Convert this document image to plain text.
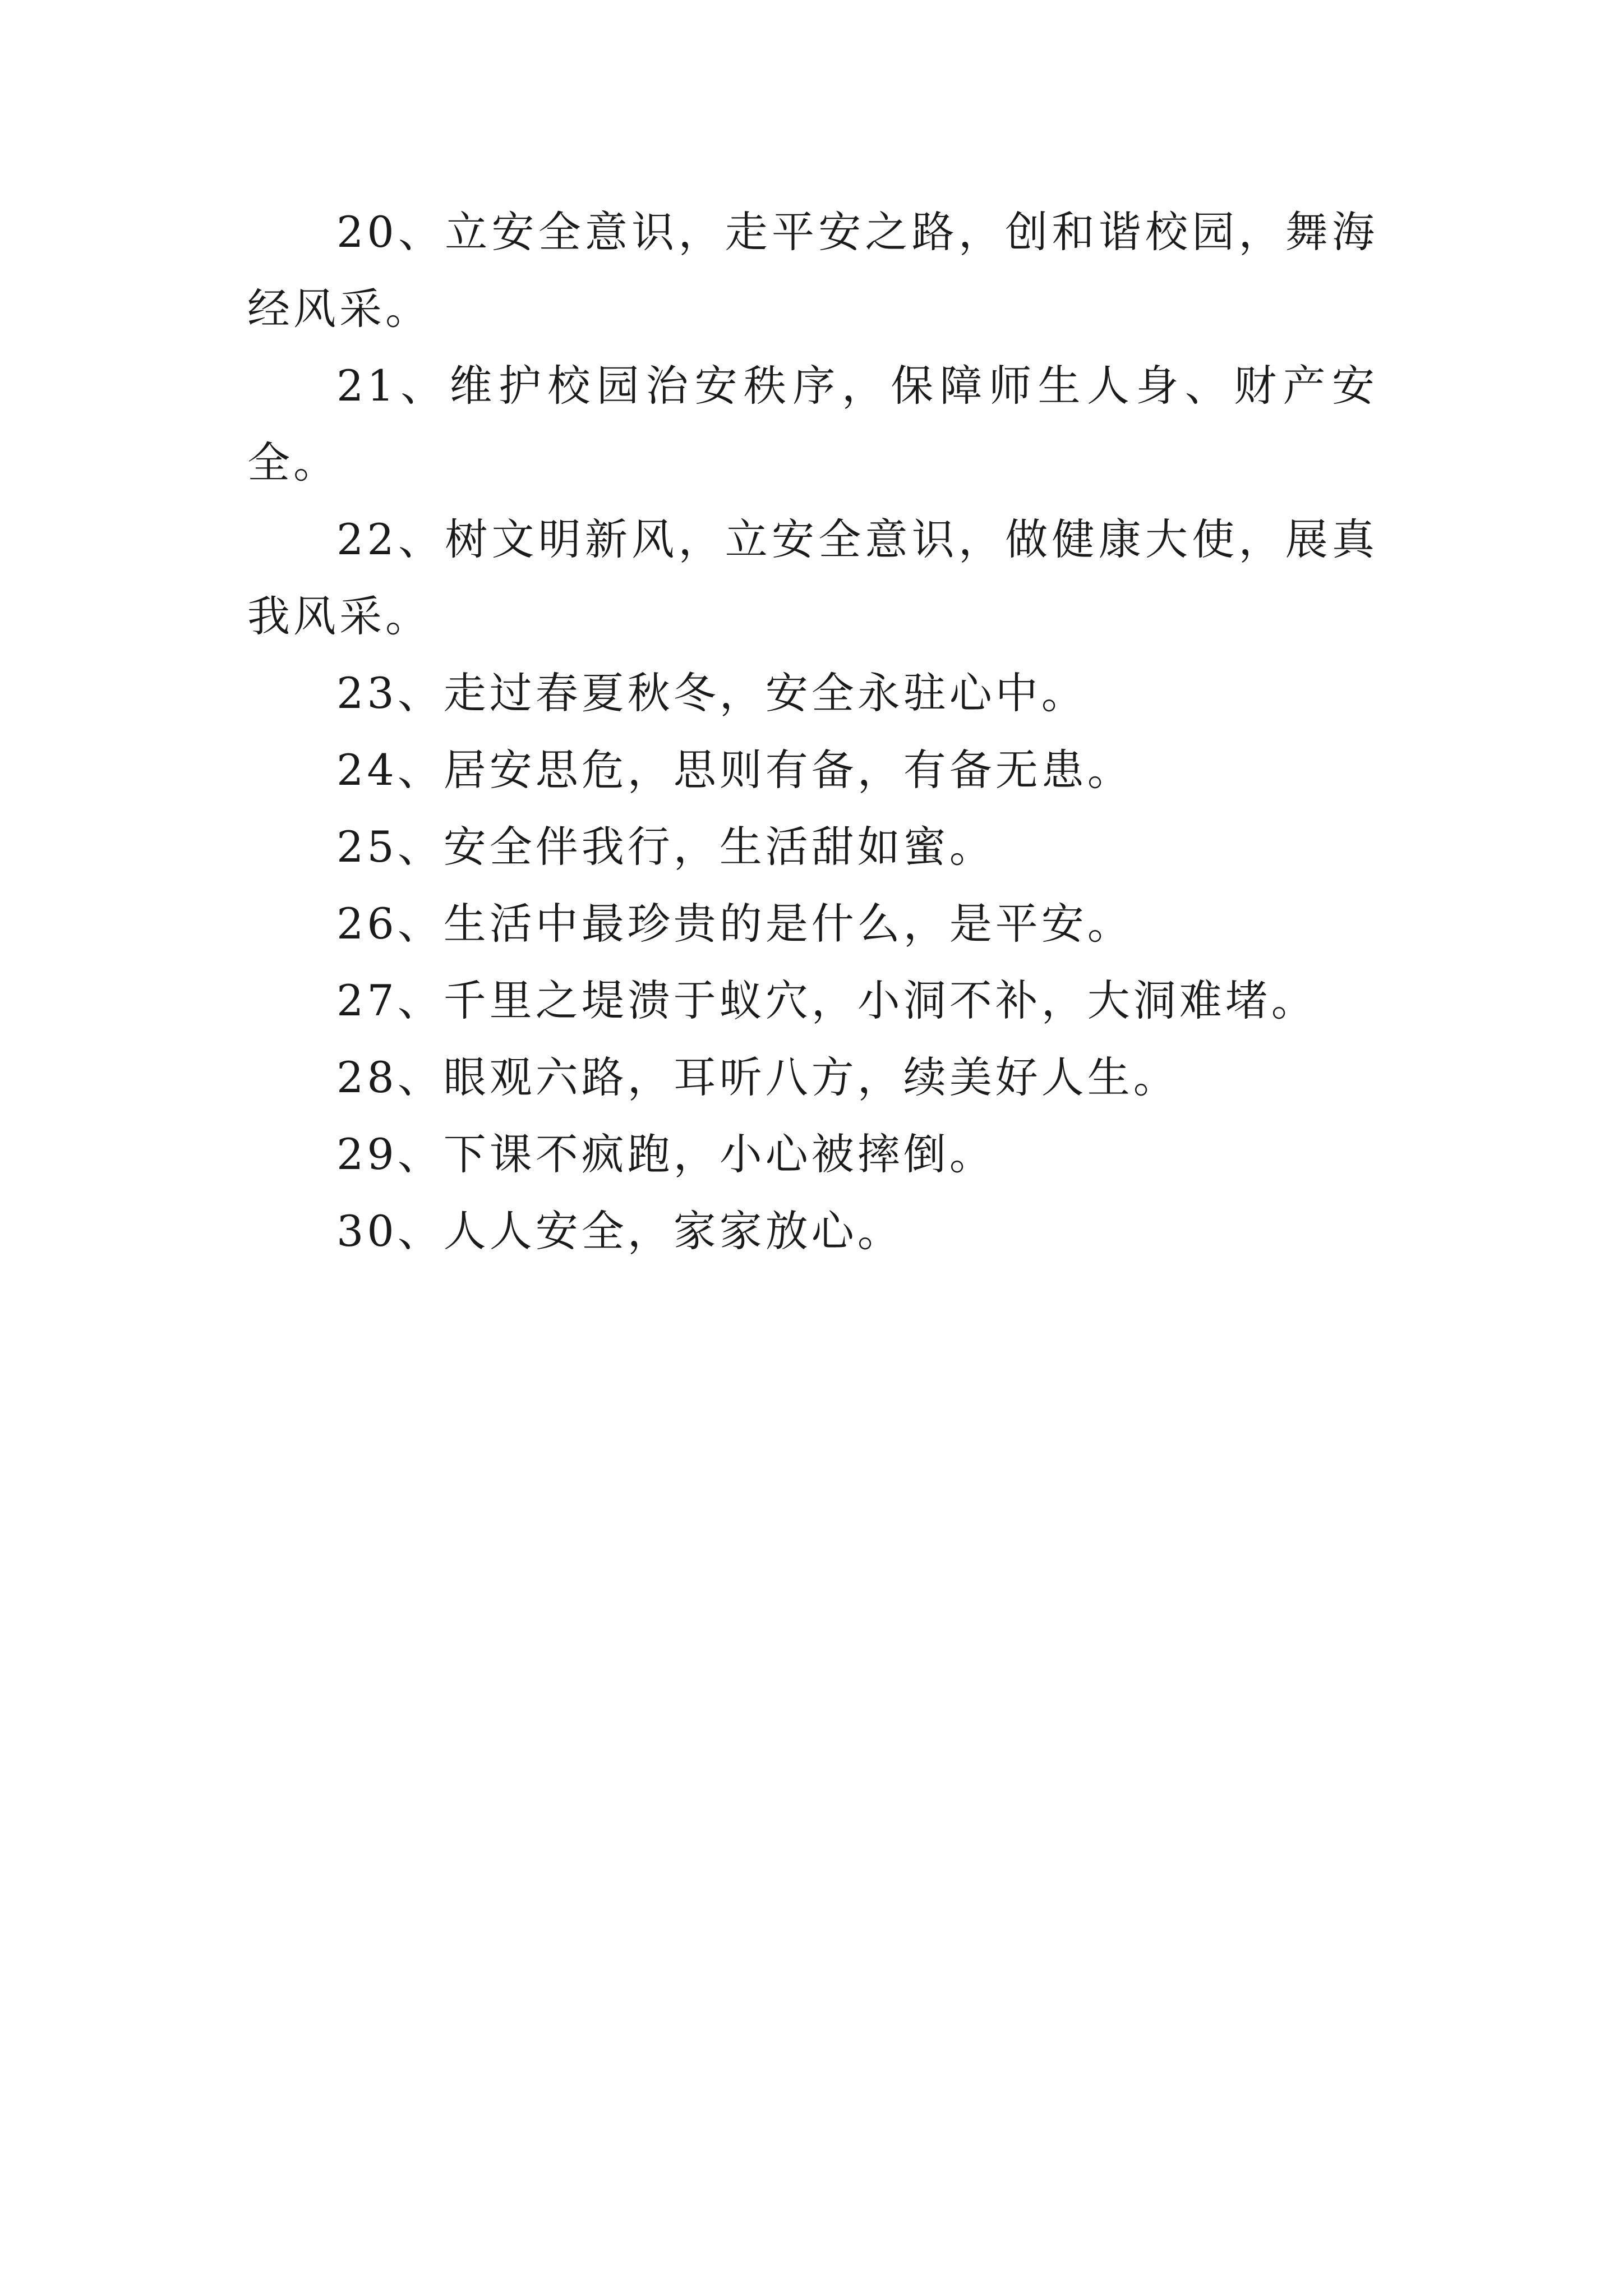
20、立安全意识，走平安之路，创和谐校园，舞海经风采。

21、维护校园治安秩序，保障师生人身、财产安全。

22、树文明新风，立安全意识，做健康大使，展真我风采。

23、走过春夏秋冬，安全永驻心中。

24、居安思危，思则有备，有备无患。

25、安全伴我行，生活甜如蜜。

26、生活中最珍贵的是什么，是平安。

27、千里之堤溃于蚁穴，小洞不补，大洞难堵。

28、眼观六路，耳听八方，续美好人生。

29、下课不疯跑，小心被摔倒。

30、人人安全，家家放心。
